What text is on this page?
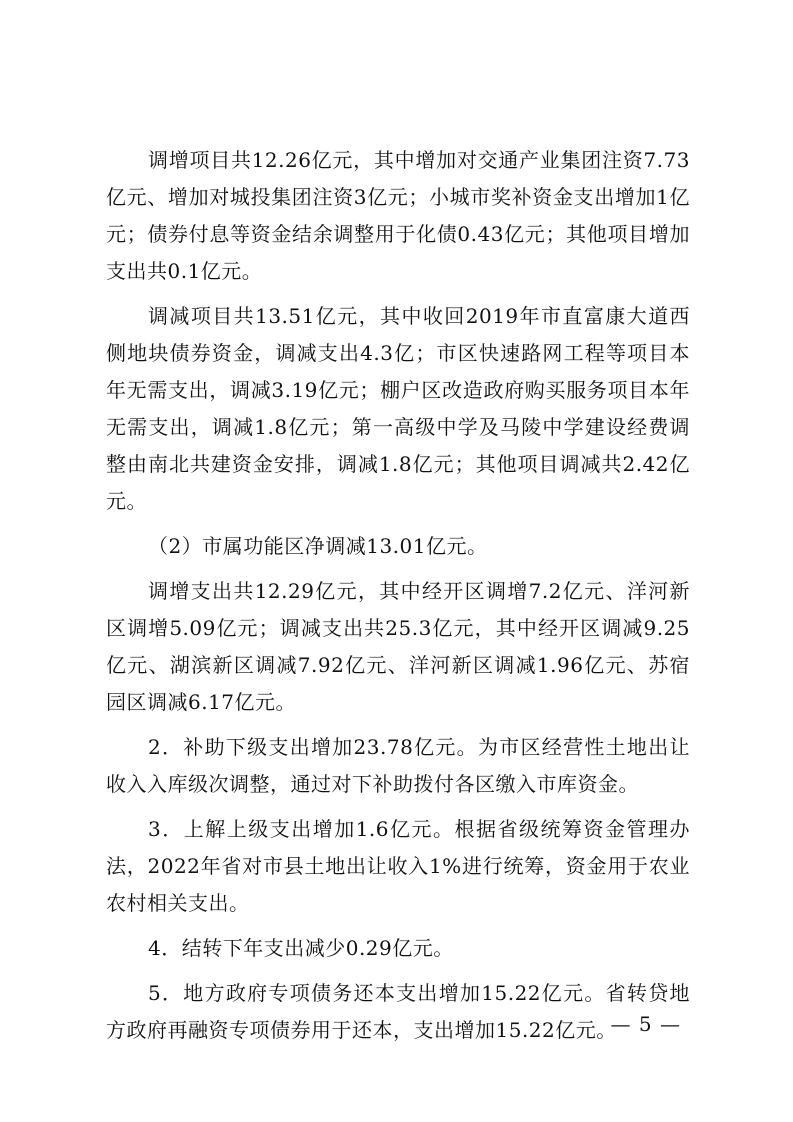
调增项目共12.26亿元，其中增加对交通产业集团注资7.73亿元、增加对城投集团注资3亿元；小城市奖补资金支出增加1亿元；债券付息等资金结余调整用于化债0.43亿元；其他项目增加支出共0.1亿元。

调减项目共13.51亿元，其中收回2019年市直富康大道西侧地块债券资金，调减支出4.3亿；市区快速路网工程等项目本年无需支出，调减3.19亿元；棚户区改造政府购买服务项目本年无需支出，调减1.8亿元；第一高级中学及马陵中学建设经费调整由南北共建资金安排，调减1.8亿元；其他项目调减共2.42亿元。

（2）市属功能区净调减13.01亿元。

调增支出共12.29亿元，其中经开区调增7.2亿元、洋河新区调增5.09亿元；调减支出共25.3亿元，其中经开区调减9.25亿元、湖滨新区调减7.92亿元、洋河新区调减1.96亿元、苏宿园区调减6.17亿元。

2．补助下级支出增加23.78亿元。为市区经营性土地出让收入入库级次调整，通过对下补助拨付各区缴入市库资金。

3．上解上级支出增加1.6亿元。根据省级统筹资金管理办法，2022年省对市县土地出让收入1%进行统筹，资金用于农业农村相关支出。

4．结转下年支出减少0.29亿元。

5．地方政府专项债务还本支出增加15.22亿元。省转贷地方政府再融资专项债券用于还本，支出增加15.22亿元。

— 5 —
